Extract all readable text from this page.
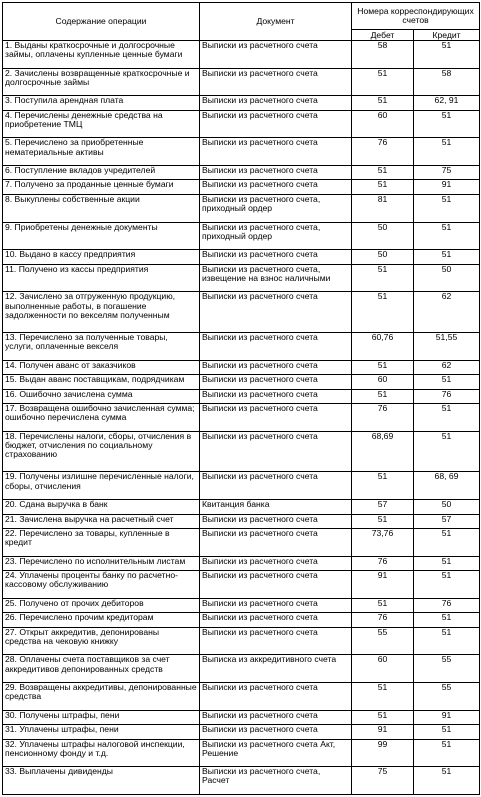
Содержание операции	Документ	Номера корреспондирующих счетов	
		Дебет	Кредит
1. Выданы краткосрочные и долгосрочные займы, оплачены купленные ценные бумаги	Выписки из расчетного счета	58	51
2. Зачислены возвращенные краткосрочные и долгосрочные займы	Выписки из расчетного счета	51	58
3. Поступила арендная плата	Выписки из расчетного счета	51	62, 91
4. Перечислены денежные средства на приобретение ТМЦ	Выписки из расчетного счета	60	51
5. Перечислено за приобретенные нематериальные активы	Выписки из расчетного счета	76	51
6. Поступление вкладов учредителей	Выписки из расчетного счета	51	75
7. Получено за проданные ценные бумаги	Выписки из расчетного счета	51	91
8. Выкуплены собственные акции	Выписки из расчетного счета, приходный ордер	81	51
9. Приобретены денежные документы	Выписки из расчетного счета, приходный ордер	50	51
10. Выдано в кассу предприятия	Выписки из расчетного счета	50	51
11. Получено из кассы предприятия	Выписки из расчетного счета, извещение на взнос наличными	51	50
12. Зачислено за отгруженную продукцию, выполненные работы, в погашение задолженности по векселям полученным	Выписки из расчетного счета	51	62
13. Перечислено за полученные товары, услуги, оплаченные векселя	Выписки из расчетного счета	60,76	51,55
14. Получен аванс от заказчиков	Выписки из расчетного счета	51	62
15. Выдан аванс поставщикам, подрядчикам	Выписки из расчетного счета	60	51
16. Ошибочно зачислена сумма	Выписки из расчетного счета	51	76
17. Возвращена ошибочно зачисленная сумма; ошибочно перечислена сумма	Выписки из расчетного счета	76	51
18. Перечислены налоги, сборы, отчисления в бюджет, отчисления по социальному страхованию	Выписки из расчетного счета	68,69	51
19. Получены излишне перечисленные налоги, сборы, отчисления	Выписки из расчетного счета	51	68, 69
20. Сдана выручка в банк	Квитанция банка	57	50
21. Зачислена выручка на расчетный счет	Выписки из расчетного счета	51	57
22. Перечислено за товары, купленные в кредит	Выписки из расчетного счета	73,76	51
23. Перечислено по исполнительным листам	Выписки из расчетного счета	76	51
24. Уплачены проценты банку по расчетно-кассовому обслуживанию	Выписки из расчетного счета	91	51
25. Получено от прочих дебиторов	Выписки из расчетного счета	51	76
26. Перечислено прочим кредиторам	Выписки из расчетного счета	76	51
27. Открыт аккредитив, депонированы средства на чековую книжку	Выписки из расчетного счета	55	51
28. Оплачены счета поставщиков за счет аккредитивов депонированных средств	Выписка из аккредитивного счета	60	55
29. Возвращены аккредитивы, депонированные средства	Выписки из расчетного счета	51	55
30. Получены штрафы, пени	Выписки из расчетного счета	51	91
31. Уплачены штрафы, пени	Выписки из расчетного счета	91	51
32. Уплачены штрафы налоговой инспекции, пенсионному фонду и т.д.	Выписки из расчетного счета Акт, Решение	99	51
33. Выплачены дивиденды	Выписки из расчетного счета, Расчет	75	51
